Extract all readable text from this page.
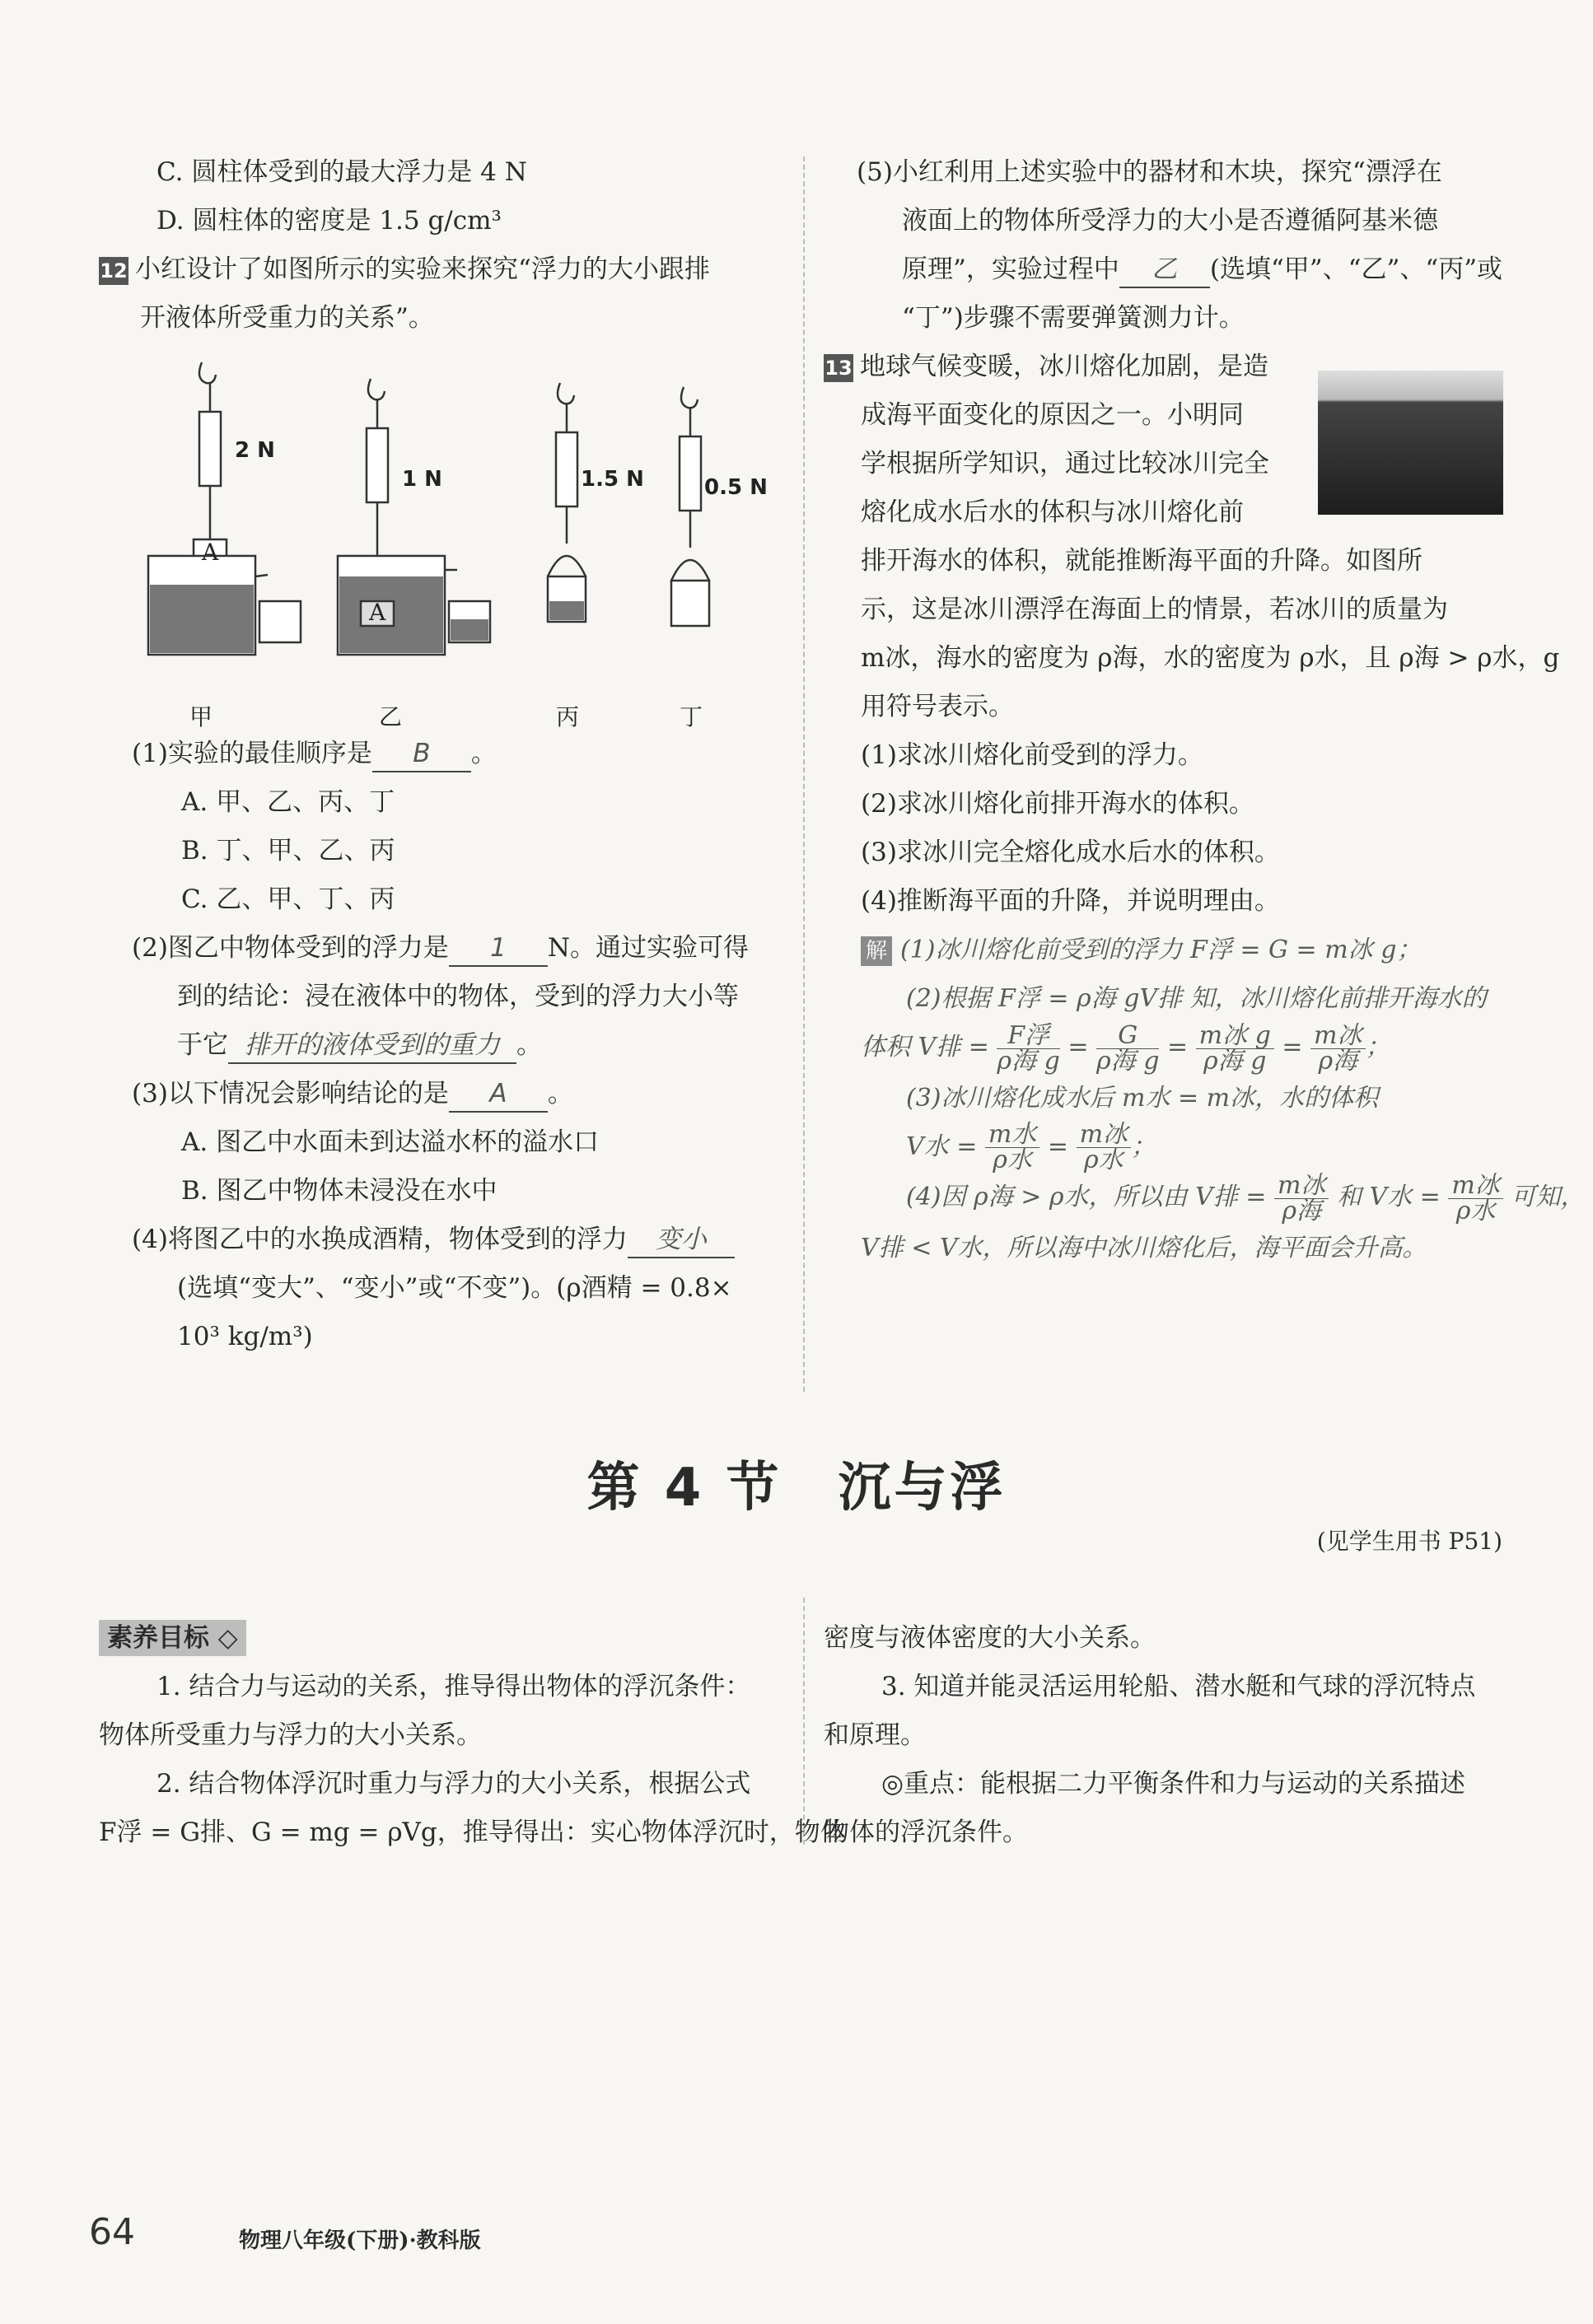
C. 圆柱体受到的最大浮力是 4 N
D. 圆柱体的密度是 1.5 g/cm³
12 小红设计了如图所示的实验来探究“浮力的大小跟排
开液体所受重力的关系”。
(1)实验的最佳顺序是 B 。
A. 甲、乙、丙、丁
B. 丁、甲、乙、丙
C. 乙、甲、丁、丙
(2)图乙中物体受到的浮力是 1 N。通过实验可得
到的结论：浸在液体中的物体，受到的浮力大小等
于它 排开的液体受到的重力 。
(3)以下情况会影响结论的是 A 。
A. 图乙中水面未到达溢水杯的溢水口
B. 图乙中物体未浸没在水中
(4)将图乙中的水换成酒精，物体受到的浮力 变小
(选填“变大”、“变小”或“不变”)。(ρ酒精 = 0.8×
10³ kg/m³)
2 N
1 N	1.5 N	0.5 N
A
A
甲	乙	丙	丁
(5)小红利用上述实验中的器材和木块，探究“漂浮在
液面上的物体所受浮力的大小是否遵循阿基米德
原理”，实验过程中 乙 (选填“甲”、“乙”、“丙”或
“丁”)步骤不需要弹簧测力计。
13 地球气候变暖，冰川熔化加剧，是造
成海平面变化的原因之一。小明同
学根据所学知识，通过比较冰川完全
熔化成水后水的体积与冰川熔化前
排开海水的体积，就能推断海平面的升降。如图所
示，这是冰川漂浮在海面上的情景，若冰川的质量为
m冰，海水的密度为 ρ海，水的密度为 ρ水，且 ρ海 > ρ水，g
用符号表示。
(1)求冰川熔化前受到的浮力。
(2)求冰川熔化前排开海水的体积。
(3)求冰川完全熔化成水后水的体积。
(4)推断海平面的升降，并说明理由。
解 (1)冰川熔化前受到的浮力 F浮 = G = m冰 g；
(2)根据 F浮 = ρ海 gV排 知，冰川熔化前排开海水的
体积 V排 = $\frac{\text{F浮}}{\text{ρ海 g}} = \frac{G}{\text{ρ海 g}} = \frac{\text{m冰 g}}{\text{ρ海 g}} = \frac{\text{m冰}}{\text{ρ海}}$ ；
(3)冰川熔化成水后 m水 = m冰，水的体积
V水 = $\frac{\text{m水}}{\text{ρ水}} = \frac{\text{m冰}}{\text{ρ水}}$ ；
(4)因 ρ海 > ρ水，所以由 V排 = $\frac{\text{m冰}}{\text{ρ海}}$ 和 V水 = $\frac{\text{m冰}}{\text{ρ水}}$ 可知，
V排 < V水，所以海中冰川熔化后，海平面会升高。
第 4 节　沉与浮
(见学生用书 P51)
素养目标 ◇
1. 结合力与运动的关系，推导得出物体的浮沉条件：
物体所受重力与浮力的大小关系。
2. 结合物体浮沉时重力与浮力的大小关系，根据公式
F浮 = G排、G = mg = ρVg，推导得出：实心物体浮沉时，物体
密度与液体密度的大小关系。
3. 知道并能灵活运用轮船、潜水艇和气球的浮沉特点
和原理。
◎重点：能根据二力平衡条件和力与运动的关系描述
物体的浮沉条件。
64	物理八年级(下册)·教科版
